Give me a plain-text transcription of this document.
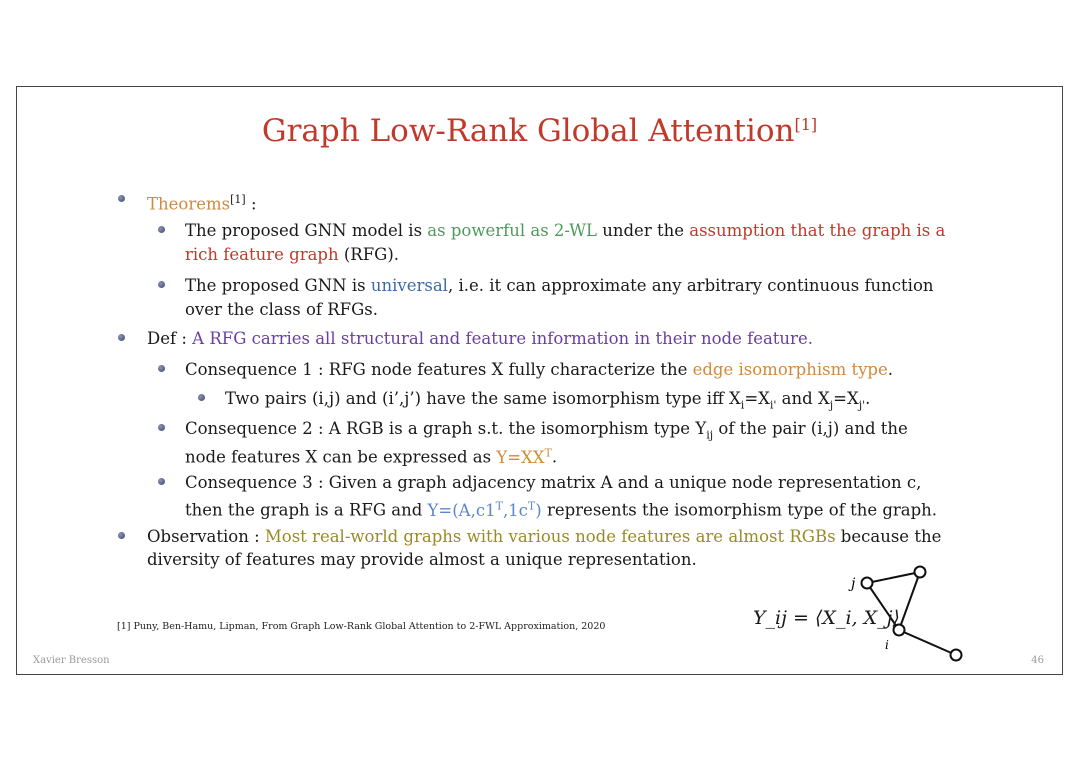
Graph Low-Rank Global Attention[1]
Theorems[1] :
The proposed GNN model is as powerful as 2-WL under the assumption that the graph is a
rich feature graph (RFG).
The proposed GNN is universal, i.e. it can approximate any arbitrary continuous function
over the class of RFGs.
Def : A RFG carries all structural and feature information in their node feature.
Consequence 1 : RFG node features X fully characterize the edge isomorphism type.
Two pairs (i,j) and (i’,j’) have the same isomorphism type iff $X_i=X_{i'}$ and $X_j=X_{j'}$.
Consequence 2 : A RGB is a graph s.t. the isomorphism type $Y_{ij}$ of the pair (i,j) and the
node features X can be expressed as $Y=XX^T$.
Consequence 3 : Given a graph adjacency matrix A and a unique node representation c,
then the graph is a RFG and $Y=(A,c1^T,1c^T)$ represents the isomorphism type of the graph.
Observation : Most real-world graphs with various node features are almost RGBs because the
diversity of features may provide almost a unique representation.
j
i
Y_ij = ⟨X_i, X_j⟩
[1] Puny, Ben-Hamu, Lipman, From Graph Low-Rank Global Attention to 2-FWL Approximation, 2020
Xavier Bresson	46
